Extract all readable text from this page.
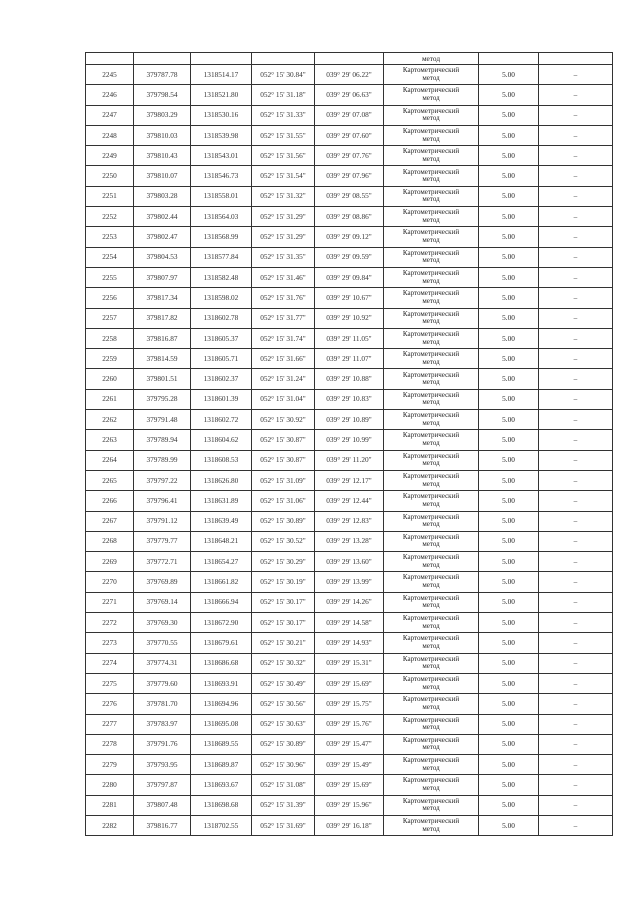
					метод		
2245	379787.78	1318514.17	052° 15' 30.84"	039° 29' 06.22"	Картометрический
метод	5.00	–
2246	379798.54	1318521.80	052° 15' 31.18"	039° 29' 06.63"	Картометрический
метод	5.00	–
2247	379803.29	1318530.16	052° 15' 31.33"	039° 29' 07.08"	Картометрический
метод	5.00	–
2248	379810.03	1318539.98	052° 15' 31.55"	039° 29' 07.60"	Картометрический
метод	5.00	–
2249	379810.43	1318543.01	052° 15' 31.56"	039° 29' 07.76"	Картометрический
метод	5.00	–
2250	379810.07	1318546.73	052° 15' 31.54"	039° 29' 07.96"	Картометрический
метод	5.00	–
2251	379803.28	1318558.01	052° 15' 31.32"	039° 29' 08.55"	Картометрический
метод	5.00	–
2252	379802.44	1318564.03	052° 15' 31.29"	039° 29' 08.86"	Картометрический
метод	5.00	–
2253	379802.47	1318568.99	052° 15' 31.29"	039° 29' 09.12"	Картометрический
метод	5.00	–
2254	379804.53	1318577.84	052° 15' 31.35"	039° 29' 09.59"	Картометрический
метод	5.00	–
2255	379807.97	1318582.48	052° 15' 31.46"	039° 29' 09.84"	Картометрический
метод	5.00	–
2256	379817.34	1318598.02	052° 15' 31.76"	039° 29' 10.67"	Картометрический
метод	5.00	–
2257	379817.82	1318602.78	052° 15' 31.77"	039° 29' 10.92"	Картометрический
метод	5.00	–
2258	379816.87	1318605.37	052° 15' 31.74"	039° 29' 11.05"	Картометрический
метод	5.00	–
2259	379814.59	1318605.71	052° 15' 31.66"	039° 29' 11.07"	Картометрический
метод	5.00	–
2260	379801.51	1318602.37	052° 15' 31.24"	039° 29' 10.88"	Картометрический
метод	5.00	–
2261	379795.28	1318601.39	052° 15' 31.04"	039° 29' 10.83"	Картометрический
метод	5.00	–
2262	379791.48	1318602.72	052° 15' 30.92"	039° 29' 10.89"	Картометрический
метод	5.00	–
2263	379789.94	1318604.62	052° 15' 30.87"	039° 29' 10.99"	Картометрический
метод	5.00	–
2264	379789.99	1318608.53	052° 15' 30.87"	039° 29' 11.20"	Картометрический
метод	5.00	–
2265	379797.22	1318626.80	052° 15' 31.09"	039° 29' 12.17"	Картометрический
метод	5.00	–
2266	379796.41	1318631.89	052° 15' 31.06"	039° 29' 12.44"	Картометрический
метод	5.00	–
2267	379791.12	1318639.49	052° 15' 30.89"	039° 29' 12.83"	Картометрический
метод	5.00	–
2268	379779.77	1318648.21	052° 15' 30.52"	039° 29' 13.28"	Картометрический
метод	5.00	–
2269	379772.71	1318654.27	052° 15' 30.29"	039° 29' 13.60"	Картометрический
метод	5.00	–
2270	379769.89	1318661.82	052° 15' 30.19"	039° 29' 13.99"	Картометрический
метод	5.00	–
2271	379769.14	1318666.94	052° 15' 30.17"	039° 29' 14.26"	Картометрический
метод	5.00	–
2272	379769.30	1318672.90	052° 15' 30.17"	039° 29' 14.58"	Картометрический
метод	5.00	–
2273	379770.55	1318679.61	052° 15' 30.21"	039° 29' 14.93"	Картометрический
метод	5.00	–
2274	379774.31	1318686.68	052° 15' 30.32"	039° 29' 15.31"	Картометрический
метод	5.00	–
2275	379779.60	1318693.91	052° 15' 30.49"	039° 29' 15.69"	Картометрический
метод	5.00	–
2276	379781.70	1318694.96	052° 15' 30.56"	039° 29' 15.75"	Картометрический
метод	5.00	–
2277	379783.97	1318695.08	052° 15' 30.63"	039° 29' 15.76"	Картометрический
метод	5.00	–
2278	379791.76	1318689.55	052° 15' 30.89"	039° 29' 15.47"	Картометрический
метод	5.00	–
2279	379793.95	1318689.87	052° 15' 30.96"	039° 29' 15.49"	Картометрический
метод	5.00	–
2280	379797.87	1318693.67	052° 15' 31.08"	039° 29' 15.69"	Картометрический
метод	5.00	–
2281	379807.48	1318698.68	052° 15' 31.39"	039° 29' 15.96"	Картометрический
метод	5.00	–
2282	379816.77	1318702.55	052° 15' 31.69"	039° 29' 16.18"	Картометрический
метод	5.00	–
